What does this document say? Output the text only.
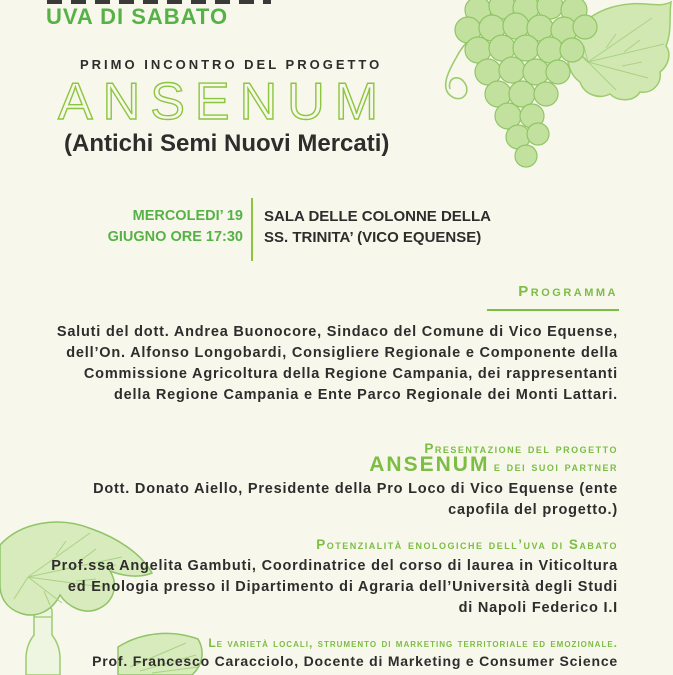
UVA DI SABATO
PRIMO INCONTRO DEL PROGETTO
ANSENUM
(Antichi Semi Nuovi Mercati)
MERCOLEDI’ 19
GIUGNO ORE 17:30
SALA DELLE COLONNE DELLA
SS. TRINITA’ (VICO EQUENSE)
Programma
Saluti del dott. Andrea Buonocore, Sindaco del Comune di Vico Equense, dell’On. Alfonso Longobardi, Consigliere Regionale e Componente della Commissione Agricoltura della Regione Campania, dei rappresentanti della Regione Campania e Ente Parco Regionale dei Monti Lattari.
Presentazione del progetto
ANSENUM e dei suoi partner
Dott. Donato Aiello, Presidente della Pro Loco di Vico Equense (ente capofila del progetto.)
Potenzialità enologiche dell’uva di Sabato
Prof.ssa Angelita Gambuti, Coordinatrice del corso di laurea in Viticoltura ed Enologia presso il Dipartimento di Agraria dell’Università degli Studi di Napoli Federico I.I
Le varietà locali, strumento di marketing territoriale ed emozionale.
Prof. Francesco Caracciolo, Docente di Marketing e Consumer Science
